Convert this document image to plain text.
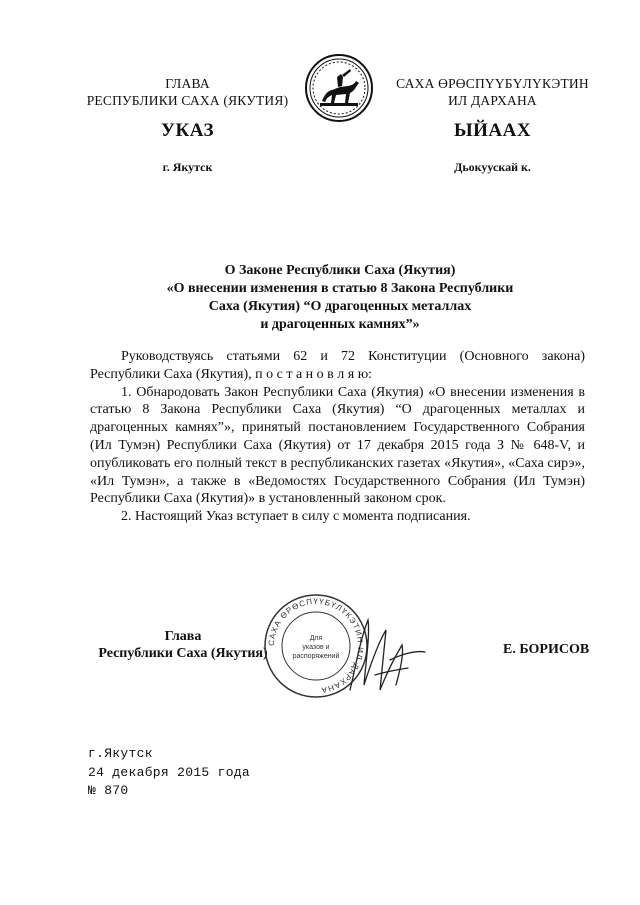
ГЛАВА
РЕСПУБЛИКИ САХА (ЯКУТИЯ)
САХА ӨРӨСПҮҮБҮЛҮКЭТИН
ИЛ ДАРХАНА
УКАЗ	ЫЙААХ
г. Якутск	Дьокуускай к.
О Законе Республики Саха (Якутия)
«О внесении изменения в статью 8 Закона Республики
Саха (Якутия) “О драгоценных металлах
и драгоценных камнях”»

Руководствуясь статьями 62 и 72 Конституции (Основного закона) Республики Саха (Якутия), п о с т а н о в л я ю:

1. Обнародовать Закон Республики Саха (Якутия) «О внесении изменения в статью 8 Закона Республики Саха (Якутия) “О драгоценных металлах и драгоценных камнях”», принятый постановлением Государственного Собрания (Ил Тумэн) Республики Саха (Якутия) от 17 декабря 2015 года З № 648-V, и опубликовать его полный текст в республиканских газетах «Якутия», «Саха сирэ», «Ил Тумэн», а также в «Ведомостях Государственного Собрания (Ил Тумэн) Республики Саха (Якутия)» в установленный законом срок.

2. Настоящий Указ вступает в силу с момента подписания.

Глава
Республики Саха (Якутия)	Е. БОРИСОВ
САХА ӨРӨСПҮҮБҮЛҮКЭТИН ИЛ ДАРХАНА
Для
указов и
распоряжений
г.Якутск
24 декабря 2015 года
№ 870
